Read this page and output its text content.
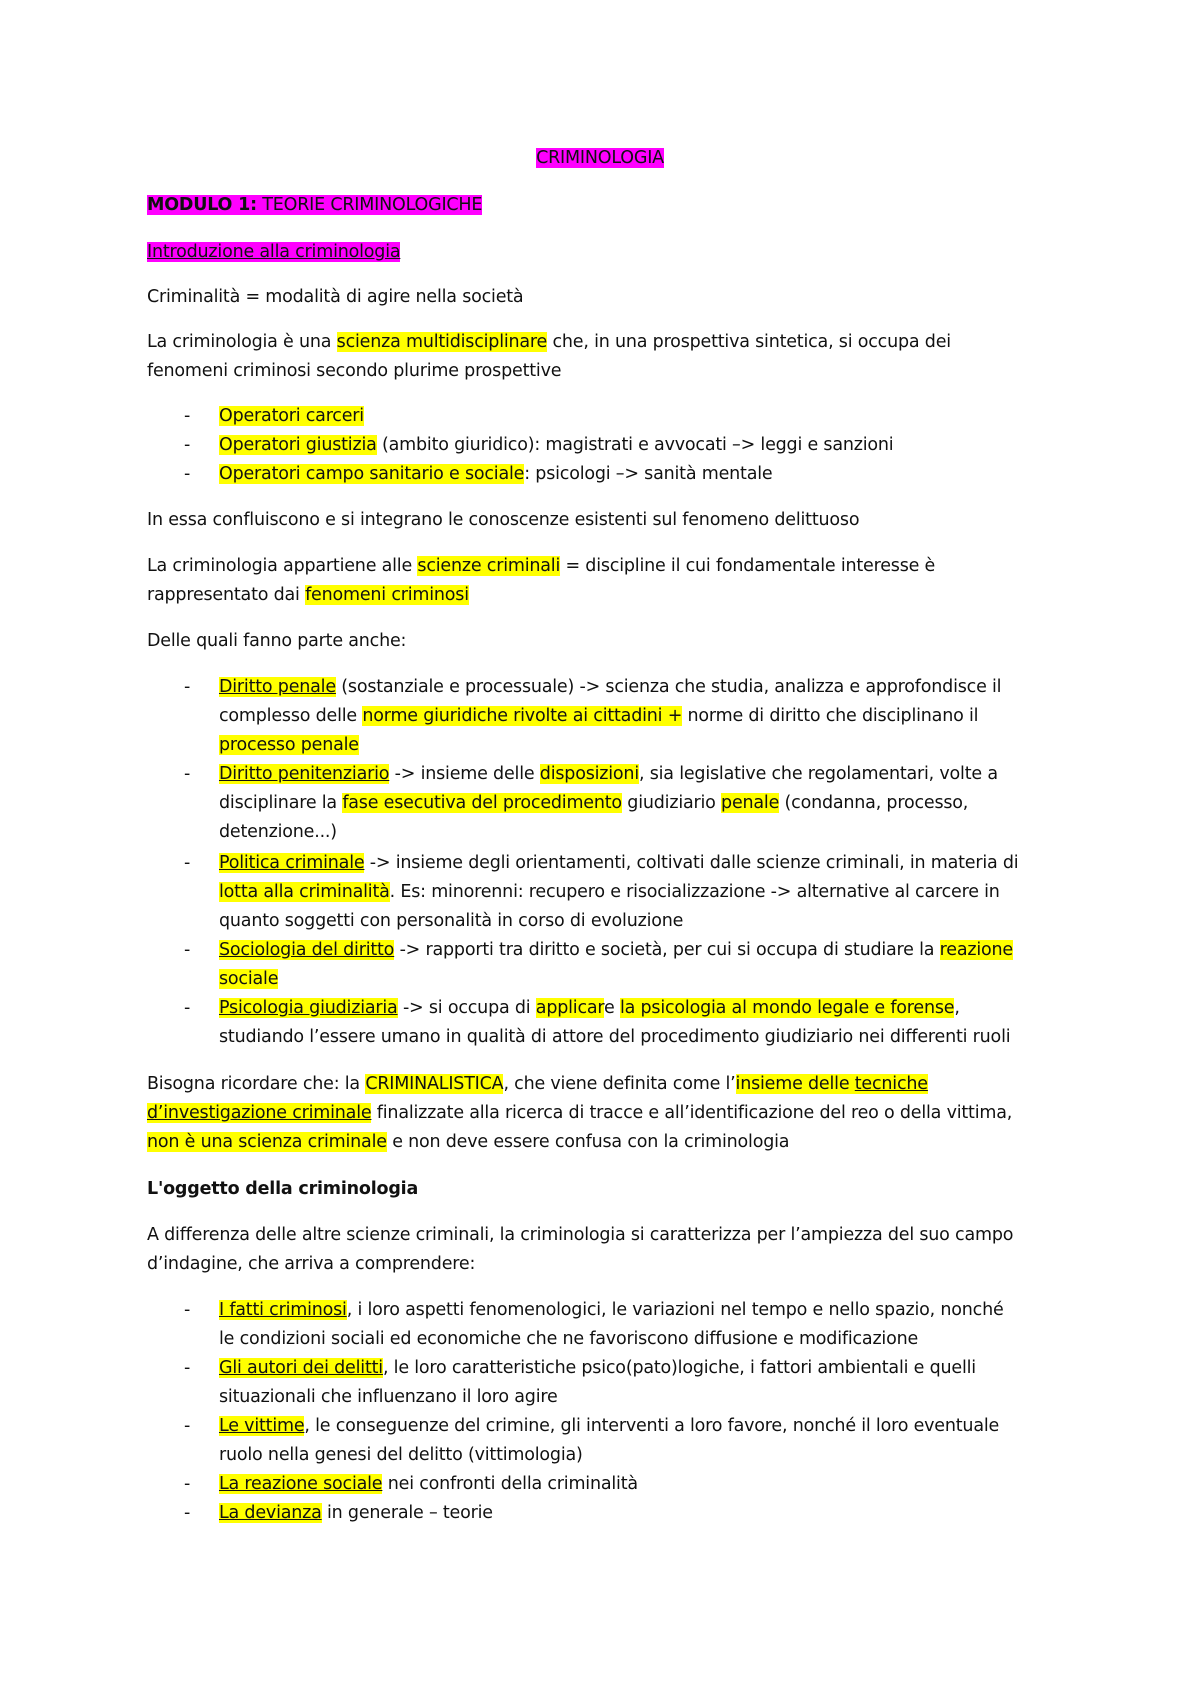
CRIMINOLOGIA
MODULO 1: TEORIE CRIMINOLOGICHE
Introduzione alla criminologia
Criminalità = modalità di agire nella società
La criminologia è una scienza multidisciplinare che, in una prospettiva sintetica, si occupa dei
fenomeni criminosi secondo plurime prospettive
- Operatori carceri
- Operatori giustizia (ambito giuridico): magistrati e avvocati –> leggi e sanzioni
- Operatori campo sanitario e sociale: psicologi –> sanità mentale
In essa confluiscono e si integrano le conoscenze esistenti sul fenomeno delittuoso
La criminologia appartiene alle scienze criminali = discipline il cui fondamentale interesse è
rappresentato dai fenomeni criminosi
Delle quali fanno parte anche:
- Diritto penale (sostanziale e processuale) -> scienza che studia, analizza e approfondisce il
complesso delle norme giuridiche rivolte ai cittadini + norme di diritto che disciplinano il
processo penale
- Diritto penitenziario -> insieme delle disposizioni, sia legislative che regolamentari, volte a
disciplinare la fase esecutiva del procedimento giudiziario penale (condanna, processo,
detenzione...)
- Politica criminale -> insieme degli orientamenti, coltivati dalle scienze criminali, in materia di
lotta alla criminalità. Es: minorenni: recupero e risocializzazione -> alternative al carcere in
quanto soggetti con personalità in corso di evoluzione
- Sociologia del diritto -> rapporti tra diritto e società, per cui si occupa di studiare la reazione
sociale
- Psicologia giudiziaria -> si occupa di applicare la psicologia al mondo legale e forense,
studiando l’essere umano in qualità di attore del procedimento giudiziario nei differenti ruoli
Bisogna ricordare che: la CRIMINALISTICA, che viene definita come l’insieme delle tecniche
d’investigazione criminale finalizzate alla ricerca di tracce e all’identificazione del reo o della vittima,
non è una scienza criminale e non deve essere confusa con la criminologia
L'oggetto della criminologia
A differenza delle altre scienze criminali, la criminologia si caratterizza per l’ampiezza del suo campo
d’indagine, che arriva a comprendere:
- I fatti criminosi, i loro aspetti fenomenologici, le variazioni nel tempo e nello spazio, nonché
le condizioni sociali ed economiche che ne favoriscono diffusione e modificazione
- Gli autori dei delitti, le loro caratteristiche psico(pato)logiche, i fattori ambientali e quelli
situazionali che influenzano il loro agire
- Le vittime, le conseguenze del crimine, gli interventi a loro favore, nonché il loro eventuale
ruolo nella genesi del delitto (vittimologia)
- La reazione sociale nei confronti della criminalità
- La devianza in generale – teorie
